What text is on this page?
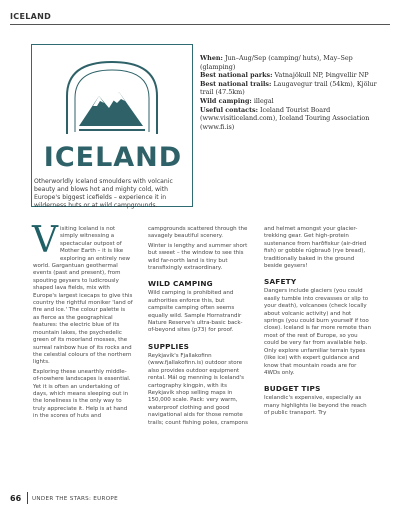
ICELAND
ICELAND
Otherworldly Iceland smoulders with volcanic beauty and blows hot and mighty cold, with Europe's biggest icefields – experience it in wilderness huts or at wild campgrounds.

When: Jun–Aug/Sep (camping/ huts), May–Sep (glamping)

Best national parks: Vatnajökull NP, Þingvellir NP

Best national trails: Laugavegur trail (54km), Kjölur trail (47.5km)

Wild camping: illegal

Useful contacts: Iceland Tourist Board (www.visiticeland.com), Iceland Touring Association (www.fi.is)

Visiting Iceland is not simply witnessing a spectacular outpost of Mother Earth – it is like exploring an entirely new world. Gargantuan geothermal events (past and present), from spouting geysers to ludicrously shaped lava fields, mix with Europe's largest icecaps to give this country the rightful moniker 'land of fire and ice.' The colour palette is as fierce as the geographical features: the electric blue of its mountain lakes, the psychedelic green of its moorland mosses, the surreal rainbow hue of its rocks and the celestial colours of the northern lights.

Exploring these unearthly middle-of-nowhere landscapes is essential. Yet it is often an undertaking of days, which means sleeping out in the loneliness is the only way to truly appreciate it. Help is at hand in the scores of huts and

campgrounds scattered through the savagely beautiful scenery.

Winter is lengthy and summer short but sweet – the window to see this wild far-north land is tiny but transfixingly extraordinary.

WILD CAMPING

Wild camping is prohibited and authorities enforce this, but campsite camping often seems equally wild. Sample Hornstrandir Nature Reserve's ultra-basic back-of-beyond sites (p73) for proof.

SUPPLIES

Reykjavík's Fjallakofinn (www.fjallakofinn.is) outdoor store also provides outdoor equipment rental. Mál og menning is Iceland's cartography kingpin, with its Reykjavík shop selling maps in 150,000 scale. Pack: very warm, waterproof clothing and good navigational aids for those remote trails; count fishing poles, crampons

and helmet amongst your glacier-trekking gear. Get high-protein sustenance from harðfiskur (air-dried fish) or gobble rúgbrauð (rye bread), traditionally baked in the ground beside geysers!

SAFETY

Dangers include glaciers (you could easily tumble into crevasses or slip to your death), volcanoes (check locally about volcanic activity) and hot springs (you could burn yourself if too close). Iceland is far more remote than most of the rest of Europe, so you could be very far from available help. Only explore unfamiliar terrain types (like ice) with expert guidance and know that mountain roads are for 4WDs only.

BUDGET TIPS

Icelandic's expensive, especially as many highlights lie beyond the reach of public transport. Try

66 UNDER THE STARS: EUROPE
